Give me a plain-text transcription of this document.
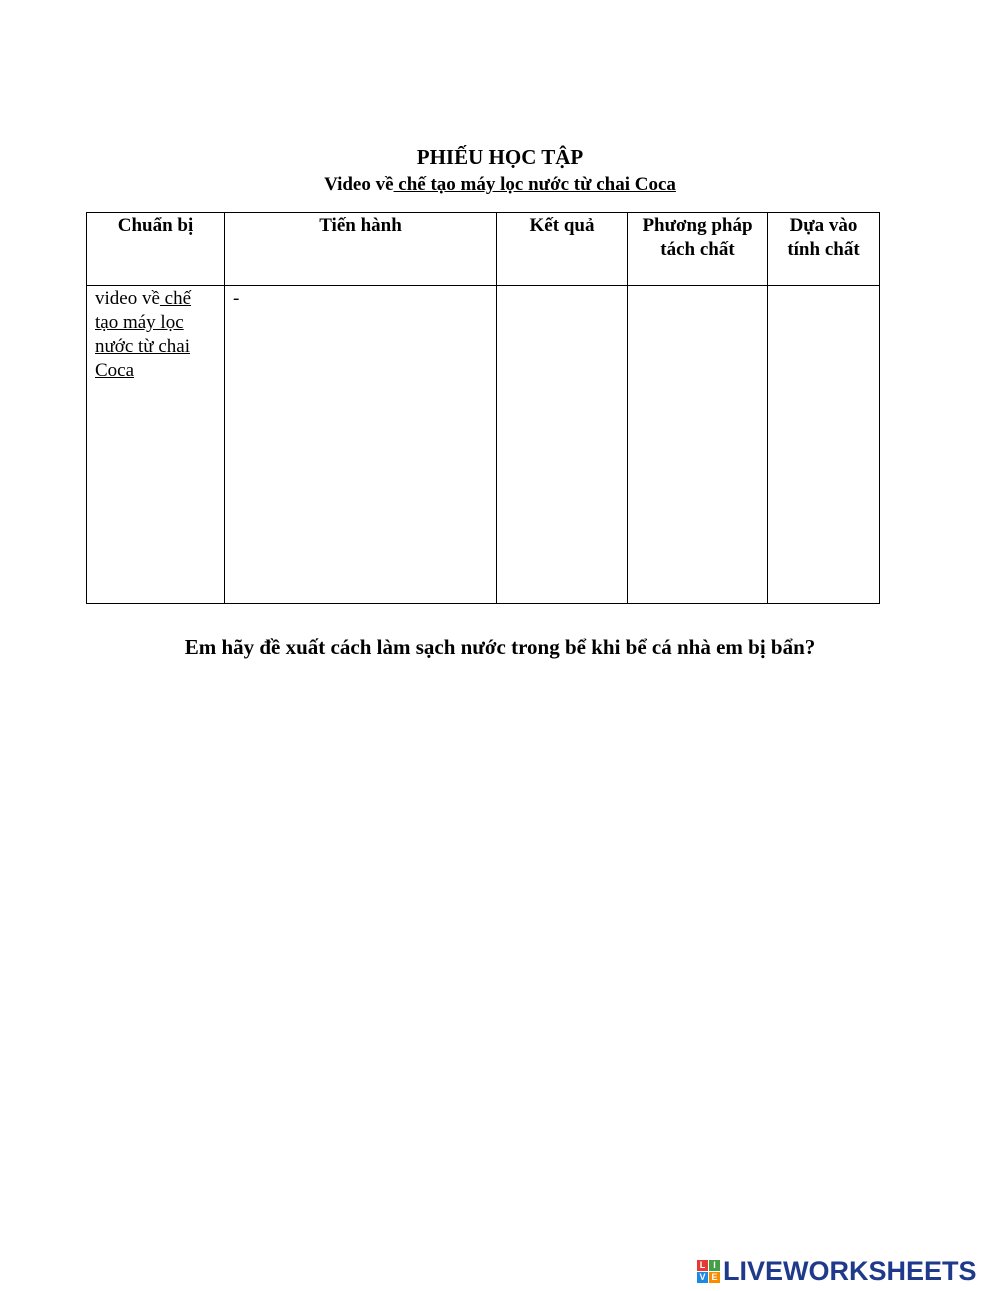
PHIẾU HỌC TẬP
Video về chế tạo máy lọc nước từ chai Coca
Chuẩn bị	Tiến hành	Kết quả	Phương pháp tách chất	Dựa vào tính chất
video về chế tạo máy lọc nước từ chai Coca	-			
Em hãy đề xuất cách làm sạch nước trong bể khi bể cá nhà em bị bẩn?
L I
V E LIVEWORKSHEETS
